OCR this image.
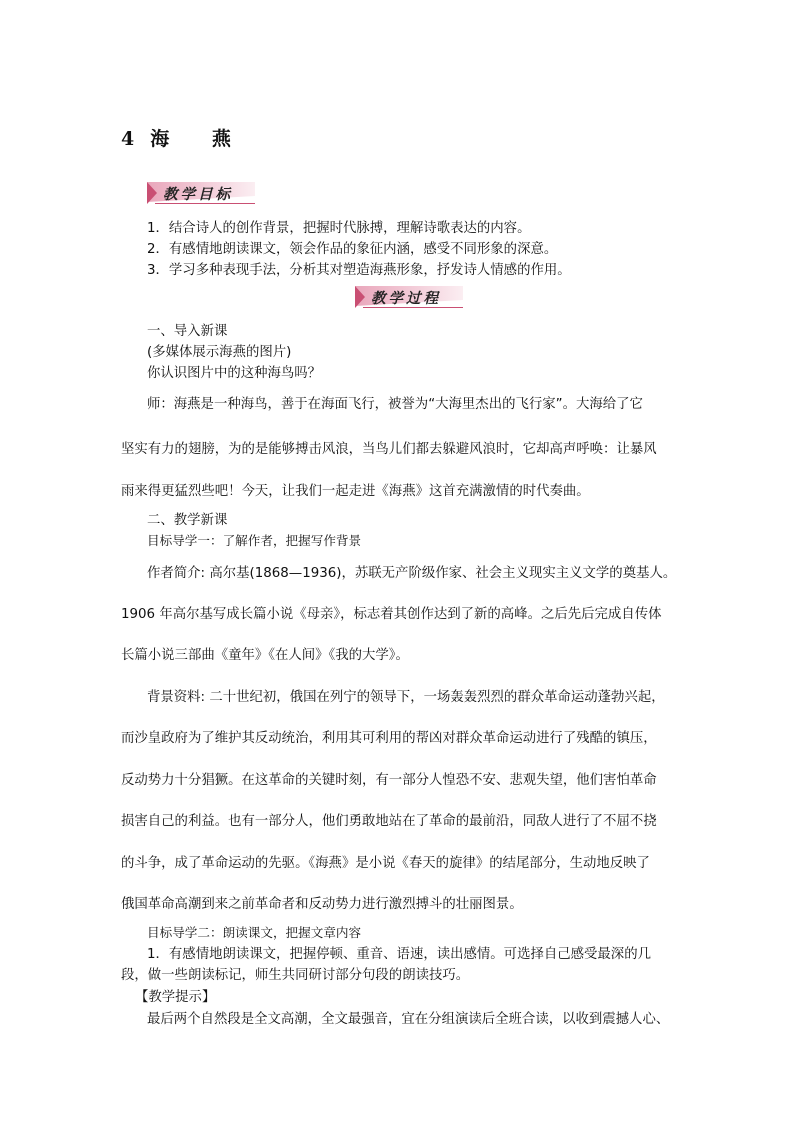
4 海 燕
教学目标
1．结合诗人的创作背景，把握时代脉搏，理解诗歌表达的内容。
2．有感情地朗读课文，领会作品的象征内涵，感受不同形象的深意。
3．学习多种表现手法，分析其对塑造海燕形象，抒发诗人情感的作用。
教学过程
一、导入新课
(多媒体展示海燕的图片)
你认识图片中的这种海鸟吗？
师：海燕是一种海鸟，善于在海面飞行，被誉为“大海里杰出的飞行家”。大海给了它
坚实有力的翅膀，为的是能够搏击风浪，当鸟儿们都去躲避风浪时，它却高声呼唤：让暴风
雨来得更猛烈些吧！今天，让我们一起走进《海燕》这首充满激情的时代奏曲。
二、教学新课
目标导学一：了解作者，把握写作背景
作者简介: 高尔基(1868—1936)，苏联无产阶级作家、社会主义现实主义文学的奠基人。
1906 年高尔基写成长篇小说《母亲》，标志着其创作达到了新的高峰。之后先后完成自传体
长篇小说三部曲《童年》《在人间》《我的大学》。
背景资料: 二十世纪初，俄国在列宁的领导下，一场轰轰烈烈的群众革命运动蓬勃兴起，
而沙皇政府为了维护其反动统治，利用其可利用的帮凶对群众革命运动进行了残酷的镇压，
反动势力十分猖獗。在这革命的关键时刻，有一部分人惶恐不安、悲观失望，他们害怕革命
损害自己的利益。也有一部分人，他们勇敢地站在了革命的最前沿，同敌人进行了不屈不挠
的斗争，成了革命运动的先驱。《海燕》是小说《春天的旋律》的结尾部分，生动地反映了
俄国革命高潮到来之前革命者和反动势力进行激烈搏斗的壮丽图景。
目标导学二：朗读课文，把握文章内容
1．有感情地朗读课文，把握停顿、重音、语速，读出感情。可选择自己感受最深的几
段，做一些朗读标记，师生共同研讨部分句段的朗读技巧。
【教学提示】
最后两个自然段是全文高潮，全文最强音，宜在分组演读后全班合读，以收到震撼人心、
